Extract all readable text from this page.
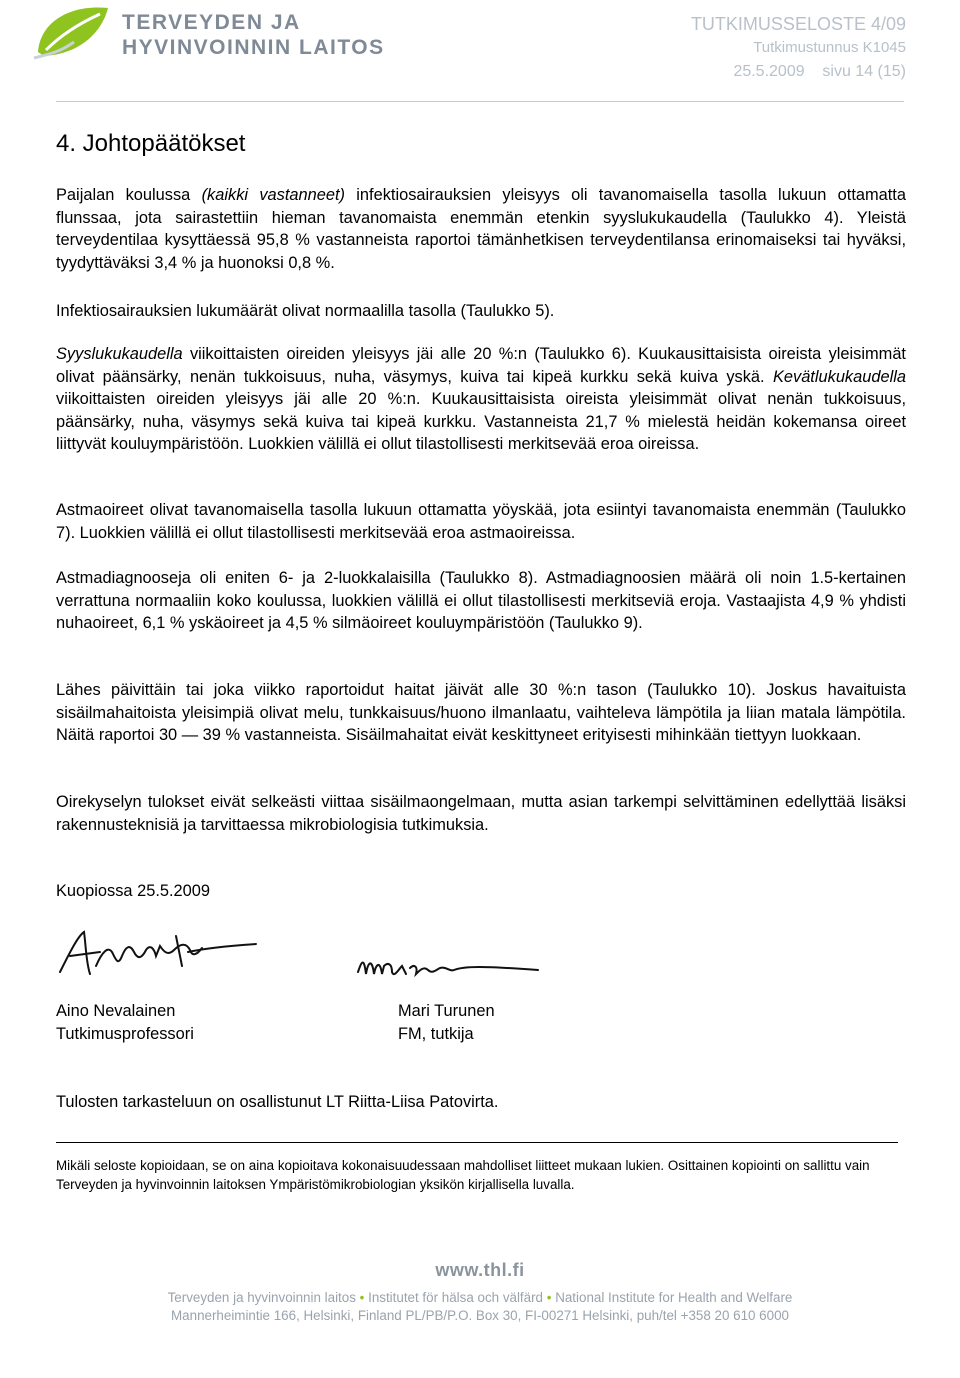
TERVEYDEN JA
HYVINVOINNIN LAITOS
TUTKIMUSSELOSTE 4/09
Tutkimustunnus K1045
25.5.2009    sivu 14 (15)
4. Johtopäätökset

Paijalan koulussa (kaikki vastanneet) infektiosairauksien yleisyys oli tavanomaisella tasolla lukuun ottamatta flunssaa, jota sairastettiin hieman tavanomaista enemmän etenkin syyslukukaudella (Taulukko 4). Yleistä terveydentilaa kysyttäessä 95,8 % vastanneista raportoi tämänhetkisen terveydentilansa erinomaiseksi tai hyväksi, tyydyttäväksi 3,4 % ja huonoksi 0,8 %.

Infektiosairauksien lukumäärät olivat normaalilla tasolla (Taulukko 5).

Syyslukukaudella viikoittaisten oireiden yleisyys jäi alle 20 %:n (Taulukko 6). Kuukausittaisista oireista yleisimmät olivat päänsärky, nenän tukkoisuus, nuha, väsymys, kuiva tai kipeä kurkku sekä kuiva yskä. Kevätlukukaudella viikoittaisten oireiden yleisyys jäi alle 20 %:n. Kuukausittaisista oireista yleisimmät olivat nenän tukkoisuus, päänsärky, nuha, väsymys sekä kuiva tai kipeä kurkku. Vastanneista 21,7 % mielestä heidän kokemansa oireet liittyvät kouluympäristöön. Luokkien välillä ei ollut tilastollisesti merkitsevää eroa oireissa.

Astmaoireet olivat tavanomaisella tasolla lukuun ottamatta yöyskää, jota esiintyi tavanomaista enemmän (Taulukko 7). Luokkien välillä ei ollut tilastollisesti merkitsevää eroa astmaoireissa.

Astmadiagnooseja oli eniten 6- ja 2-luokkalaisilla (Taulukko 8). Astmadiagnoosien määrä oli noin 1.5-kertainen verrattuna normaaliin koko koulussa, luokkien välillä ei ollut tilastollisesti merkitseviä eroja. Vastaajista 4,9 % yhdisti nuhaoireet, 6,1 % yskäoireet ja 4,5 % silmäoireet kouluympäristöön (Taulukko 9).

Lähes päivittäin tai joka viikko raportoidut haitat jäivät alle 30 %:n tason (Taulukko 10). Joskus havaituista sisäilmahaitoista yleisimpiä olivat melu, tunkkaisuus/huono ilmanlaatu, vaihteleva lämpötila ja liian matala lämpötila. Näitä raportoi 30 — 39 % vastanneista. Sisäilmahaitat eivät keskittyneet erityisesti mihinkään tiettyyn luokkaan.

Oirekyselyn tulokset eivät selkeästi viittaa sisäilmaongelmaan, mutta asian tarkempi selvittäminen edellyttää lisäksi rakennusteknisiä ja tarvittaessa mikrobiologisia tutkimuksia.

Kuopiossa 25.5.2009
Aino Nevalainen
Tutkimusprofessori
Mari Turunen
FM, tutkija
Tulosten tarkasteluun on osallistunut LT Riitta-Liisa Patovirta.
Mikäli seloste kopioidaan, se on aina kopioitava kokonaisuudessaan mahdolliset liitteet mukaan lukien. Osittainen kopiointi on sallittu vain Terveyden ja hyvinvoinnin laitoksen Ympäristömikrobiologian yksikön kirjallisella luvalla.
www.thl.fi
Terveyden ja hyvinvoinnin laitos • Institutet för hälsa och välfärd • National Institute for Health and Welfare
Mannerheimintie 166, Helsinki, Finland PL/PB/P.O. Box 30, FI-00271 Helsinki, puh/tel +358 20 610 6000
